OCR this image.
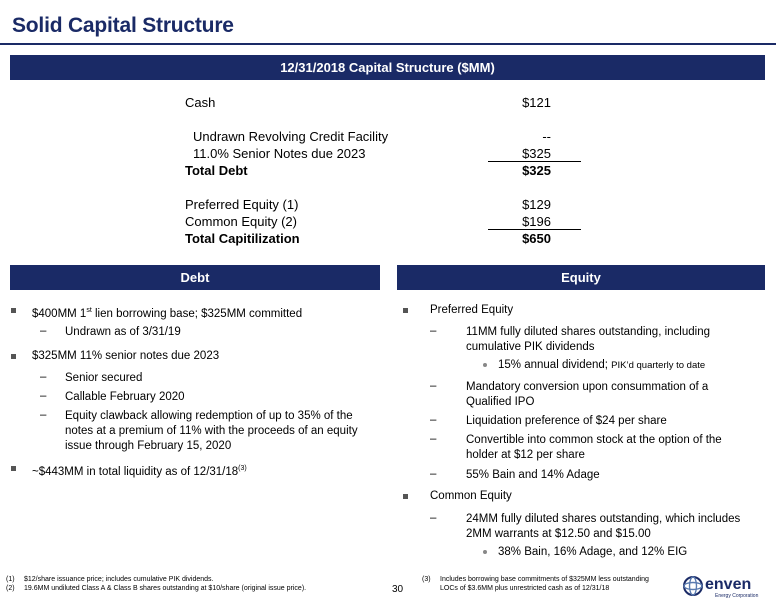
Solid Capital Structure
12/31/2018 Capital Structure ($MM)
Cash	$121
Undrawn Revolving Credit Facility	--
11.0% Senior Notes due 2023	$325
Total Debt	$325
Preferred Equity (1)	$129
Common Equity (2)	$196
Total Capitilization	$650
Debt	Equity
$400MM 1st lien borrowing base; $325MM committed
– Undrawn as of 3/31/19
$325MM 11% senior notes due 2023
– Senior secured
– Callable February 2020
– Equity clawback allowing redemption of up to 35% of the
notes at a premium of 11% with the proceeds of an equity
issue through February 15, 2020
~$443MM in total liquidity as of 12/31/18$^{(3)}$
Preferred Equity
–	11MM fully diluted shares outstanding, including
cumulative PIK dividends
15% annual dividend; PIK’d quarterly to date
–	Mandatory conversion upon consummation of a
Qualified IPO
–	Liquidation preference of $24 per share
–	Convertible into common stock at the option of the
holder at $12 per share
–	55% Bain and 14% Adage
Common Equity
–	24MM fully diluted shares outstanding, which includes
2MM warrants at $12.50 and $15.00
38% Bain, 16% Adage, and 12% EIG
(1) $12/share issuance price; includes cumulative PIK dividends.
(2) 19.6MM undiluted Class A & Class B shares outstanding at $10/share (original issue price).
(3) Includes borrowing base commitments of $325MM less outstanding
LOCs of $3.6MM plus unrestricted cash as of 12/31/18
30	enven
Energy Corporation
